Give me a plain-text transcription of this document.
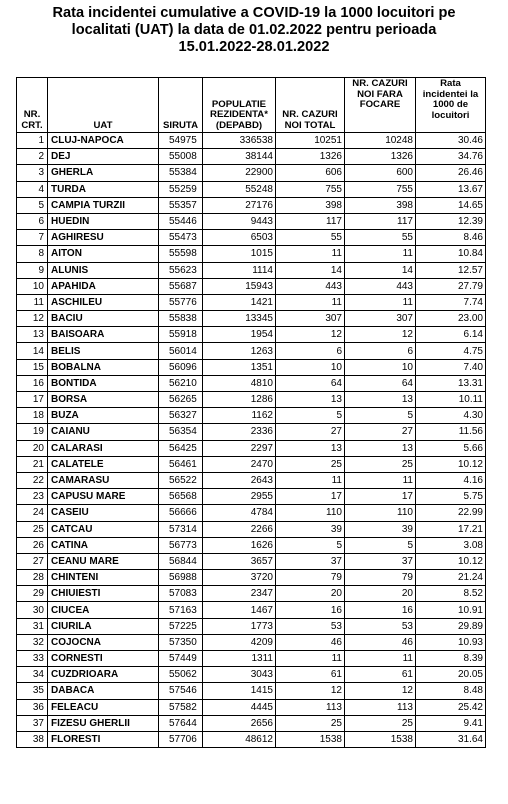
Rata incidentei cumulative a COVID-19 la 1000 locuitori pe
localitati (UAT) la data de 01.02.2022 pentru perioada
15.01.2022-28.01.2022
NR. CRT.	UAT	SIRUTA	POPULATIE REZIDENTA* (DEPABD)	NR. CAZURI NOI TOTAL	NR. CAZURI NOI FARA FOCARE	Rata incidentei la 1000 de locuitori
1	CLUJ-NAPOCA	54975	336538	10251	10248	30.46
2	DEJ	55008	38144	1326	1326	34.76
3	GHERLA	55384	22900	606	600	26.46
4	TURDA	55259	55248	755	755	13.67
5	CAMPIA TURZII	55357	27176	398	398	14.65
6	HUEDIN	55446	9443	117	117	12.39
7	AGHIRESU	55473	6503	55	55	8.46
8	AITON	55598	1015	11	11	10.84
9	ALUNIS	55623	1114	14	14	12.57
10	APAHIDA	55687	15943	443	443	27.79
11	ASCHILEU	55776	1421	11	11	7.74
12	BACIU	55838	13345	307	307	23.00
13	BAISOARA	55918	1954	12	12	6.14
14	BELIS	56014	1263	6	6	4.75
15	BOBALNA	56096	1351	10	10	7.40
16	BONTIDA	56210	4810	64	64	13.31
17	BORSA	56265	1286	13	13	10.11
18	BUZA	56327	1162	5	5	4.30
19	CAIANU	56354	2336	27	27	11.56
20	CALARASI	56425	2297	13	13	5.66
21	CALATELE	56461	2470	25	25	10.12
22	CAMARASU	56522	2643	11	11	4.16
23	CAPUSU MARE	56568	2955	17	17	5.75
24	CASEIU	56666	4784	110	110	22.99
25	CATCAU	57314	2266	39	39	17.21
26	CATINA	56773	1626	5	5	3.08
27	CEANU MARE	56844	3657	37	37	10.12
28	CHINTENI	56988	3720	79	79	21.24
29	CHIUIESTI	57083	2347	20	20	8.52
30	CIUCEA	57163	1467	16	16	10.91
31	CIURILA	57225	1773	53	53	29.89
32	COJOCNA	57350	4209	46	46	10.93
33	CORNESTI	57449	1311	11	11	8.39
34	CUZDRIOARA	55062	3043	61	61	20.05
35	DABACA	57546	1415	12	12	8.48
36	FELEACU	57582	4445	113	113	25.42
37	FIZESU GHERLII	57644	2656	25	25	9.41
38	FLORESTI	57706	48612	1538	1538	31.64
